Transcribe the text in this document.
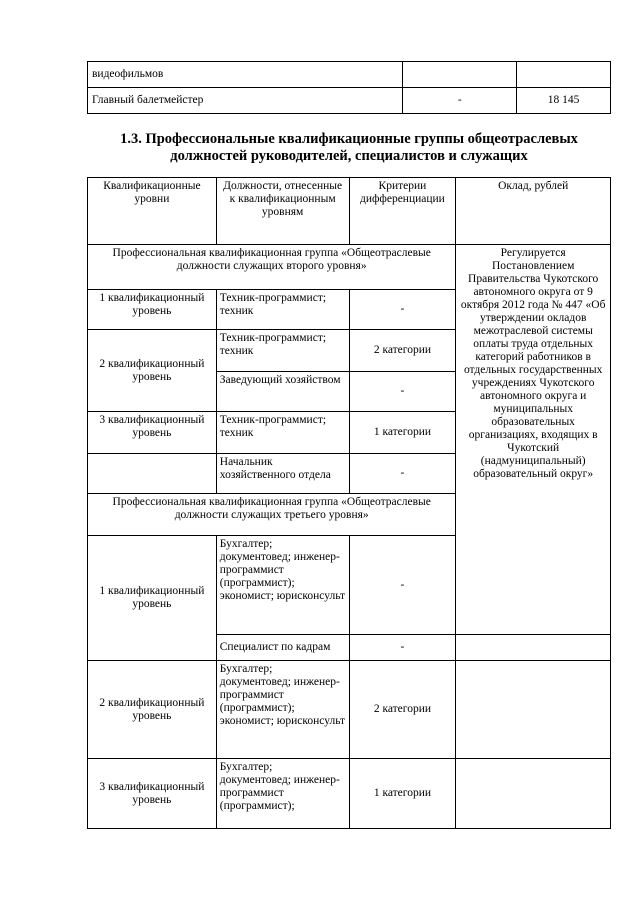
видеофильмов		
Главный балетмейстер	-	18 145
1.3. Профессиональные квалификационные группы общеотраслевых
должностей руководителей, специалистов и служащих
Квалификационные уровни	Должности, отнесенные к квалификационным уровням	Критерии дифференциации	Оклад, рублей
Профессиональная квалификационная группа «Общеотраслевые должности служащих второго уровня»			Регулируется Постановлением Правительства Чукотского автономного округа от 9 октября 2012 года № 447 «Об утверждении окладов межотраслевой системы оплаты труда отдельных категорий работников в отдельных государственных учреждениях Чукотского автономного округа и муниципальных образовательных организациях, входящих в Чукотский (надмуниципальный) образовательный округ»
1 квалификационный уровень	Техник-программист; техник	-	
2 квалификационный уровень	Техник-программист; техник	2 категории	
	Заведующий хозяйством	-	
3 квалификационный уровень	Техник-программист; техник	1 категории	
	Начальник хозяйственного отдела	-	
Профессиональная квалификационная группа «Общеотраслевые должности служащих третьего уровня»			
1 квалификационный уровень	Бухгалтер; документовед; инженер-программист (программист); экономист; юрисконсульт	-	
	Специалист по кадрам	-	
2 квалификационный уровень	Бухгалтер; документовед; инженер-программист (программист); экономист; юрисконсульт	2 категории	
3 квалификационный уровень	Бухгалтер; документовед; инженер-программист (программист);	1 категории	
